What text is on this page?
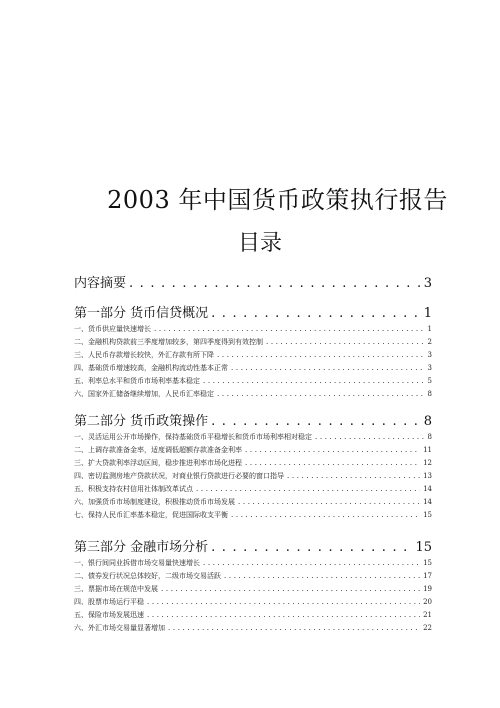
2003 年中国货币政策执行报告
目录
内容摘要 . . .	3
第一部分 货币信贷概况 . . .	1
一、货币供应量快速增长 . . .	1
二、金融机构贷款前三季度增加较多，第四季度得到有效控制 . . .	2
三、人民币存款增长较快，外汇存款有所下降 . . .	3
四、基础货币增速较高，金融机构流动性基本正常 . . .	3
五、利率总水平和货币市场利率基本稳定 . . .	5
六、国家外汇储备继续增加，人民币汇率稳定 . . .	8
第二部分 货币政策操作 . . .	8
一、灵活运用公开市场操作，保持基础货币平稳增长和货币市场利率相对稳定 . . .	8
二、上调存款准备金率，适度调低超额存款准备金利率 . . .	11
三、扩大贷款利率浮动区间，稳步推进利率市场化进程 . . .	12
四、密切监测房地产贷款状况，对商业银行贷款进行必要的窗口指导 . . .	13
五、积极支持农村信用社体制改革试点 . . .	14
六、加强货币市场制度建设，积极推动货币市场发展 . . .	14
七、保持人民币汇率基本稳定，促进国际收支平衡 . . .	15
第三部分 金融市场分析 . . .	15
一、银行间同业拆借市场交易量快速增长 . . .	15
二、债券发行状况总体较好，二级市场交易活跃 . . .	17
三、票据市场在规范中发展 . . .	19
四、股票市场运行平稳 . . .	20
五、保险市场发展迅速 . . .	21
六、外汇市场交易量显著增加 . . .	22
